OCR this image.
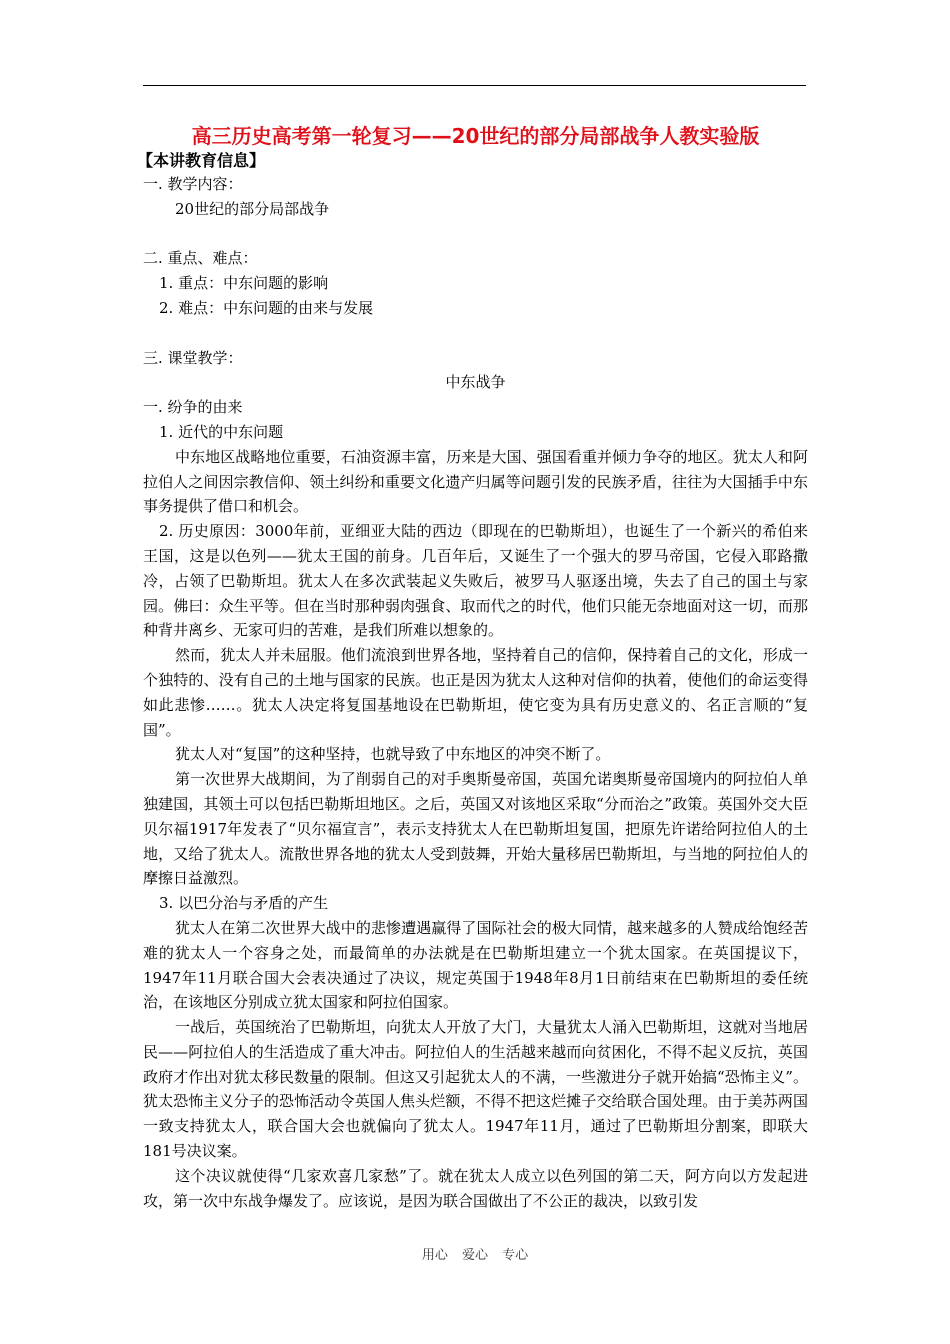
高三历史高考第一轮复习——20世纪的部分局部战争人教实验版
【本讲教育信息】

一. 教学内容：

20世纪的部分局部战争

二. 重点、难点：

1. 重点：中东问题的影响

2. 难点：中东问题的由来与发展

三. 课堂教学：

中东战争

一. 纷争的由来

1. 近代的中东问题

中东地区战略地位重要，石油资源丰富，历来是大国、强国看重并倾力争夺的地区。犹太人和阿拉伯人之间因宗教信仰、领土纠纷和重要文化遗产归属等问题引发的民族矛盾，往往为大国插手中东事务提供了借口和机会。

2. 历史原因：3000年前，亚细亚大陆的西边（即现在的巴勒斯坦），也诞生了一个新兴的希伯来王国，这是以色列——犹太王国的前身。几百年后，又诞生了一个强大的罗马帝国，它侵入耶路撒冷，占领了巴勒斯坦。犹太人在多次武装起义失败后，被罗马人驱逐出境，失去了自己的国土与家园。佛曰：众生平等。但在当时那种弱肉强食、取而代之的时代，他们只能无奈地面对这一切，而那种背井离乡、无家可归的苦难，是我们所难以想象的。

然而，犹太人并未屈服。他们流浪到世界各地，坚持着自己的信仰，保持着自己的文化，形成一个独特的、没有自己的土地与国家的民族。也正是因为犹太人这种对信仰的执着，使他们的命运变得如此悲惨……。犹太人决定将复国基地设在巴勒斯坦，使它变为具有历史意义的、名正言顺的“复国”。

犹太人对“复国”的这种坚持，也就导致了中东地区的冲突不断了。

第一次世界大战期间，为了削弱自己的对手奥斯曼帝国，英国允诺奥斯曼帝国境内的阿拉伯人单独建国，其领土可以包括巴勒斯坦地区。之后，英国又对该地区采取“分而治之”政策。英国外交大臣贝尔福1917年发表了“贝尔福宣言”，表示支持犹太人在巴勒斯坦复国，把原先许诺给阿拉伯人的土地，又给了犹太人。流散世界各地的犹太人受到鼓舞，开始大量移居巴勒斯坦，与当地的阿拉伯人的摩擦日益激烈。

3. 以巴分治与矛盾的产生

犹太人在第二次世界大战中的悲惨遭遇赢得了国际社会的极大同情，越来越多的人赞成给饱经苦难的犹太人一个容身之处，而最简单的办法就是在巴勒斯坦建立一个犹太国家。在英国提议下，1947年11月联合国大会表决通过了决议，规定英国于1948年8月1日前结束在巴勒斯坦的委任统治，在该地区分别成立犹太国家和阿拉伯国家。

一战后，英国统治了巴勒斯坦，向犹太人开放了大门，大量犹太人涌入巴勒斯坦，这就对当地居民——阿拉伯人的生活造成了重大冲击。阿拉伯人的生活越来越而向贫困化，不得不起义反抗，英国政府才作出对犹太移民数量的限制。但这又引起犹太人的不满，一些激进分子就开始搞“恐怖主义”。犹太恐怖主义分子的恐怖活动令英国人焦头烂额，不得不把这烂摊子交给联合国处理。由于美苏两国一致支持犹太人，联合国大会也就偏向了犹太人。1947年11月，通过了巴勒斯坦分割案，即联大181号决议案。

这个决议就使得“几家欢喜几家愁”了。就在犹太人成立以色列国的第二天，阿方向以方发起进攻，第一次中东战争爆发了。应该说，是因为联合国做出了不公正的裁决，以致引发

用心 爱心 专心
